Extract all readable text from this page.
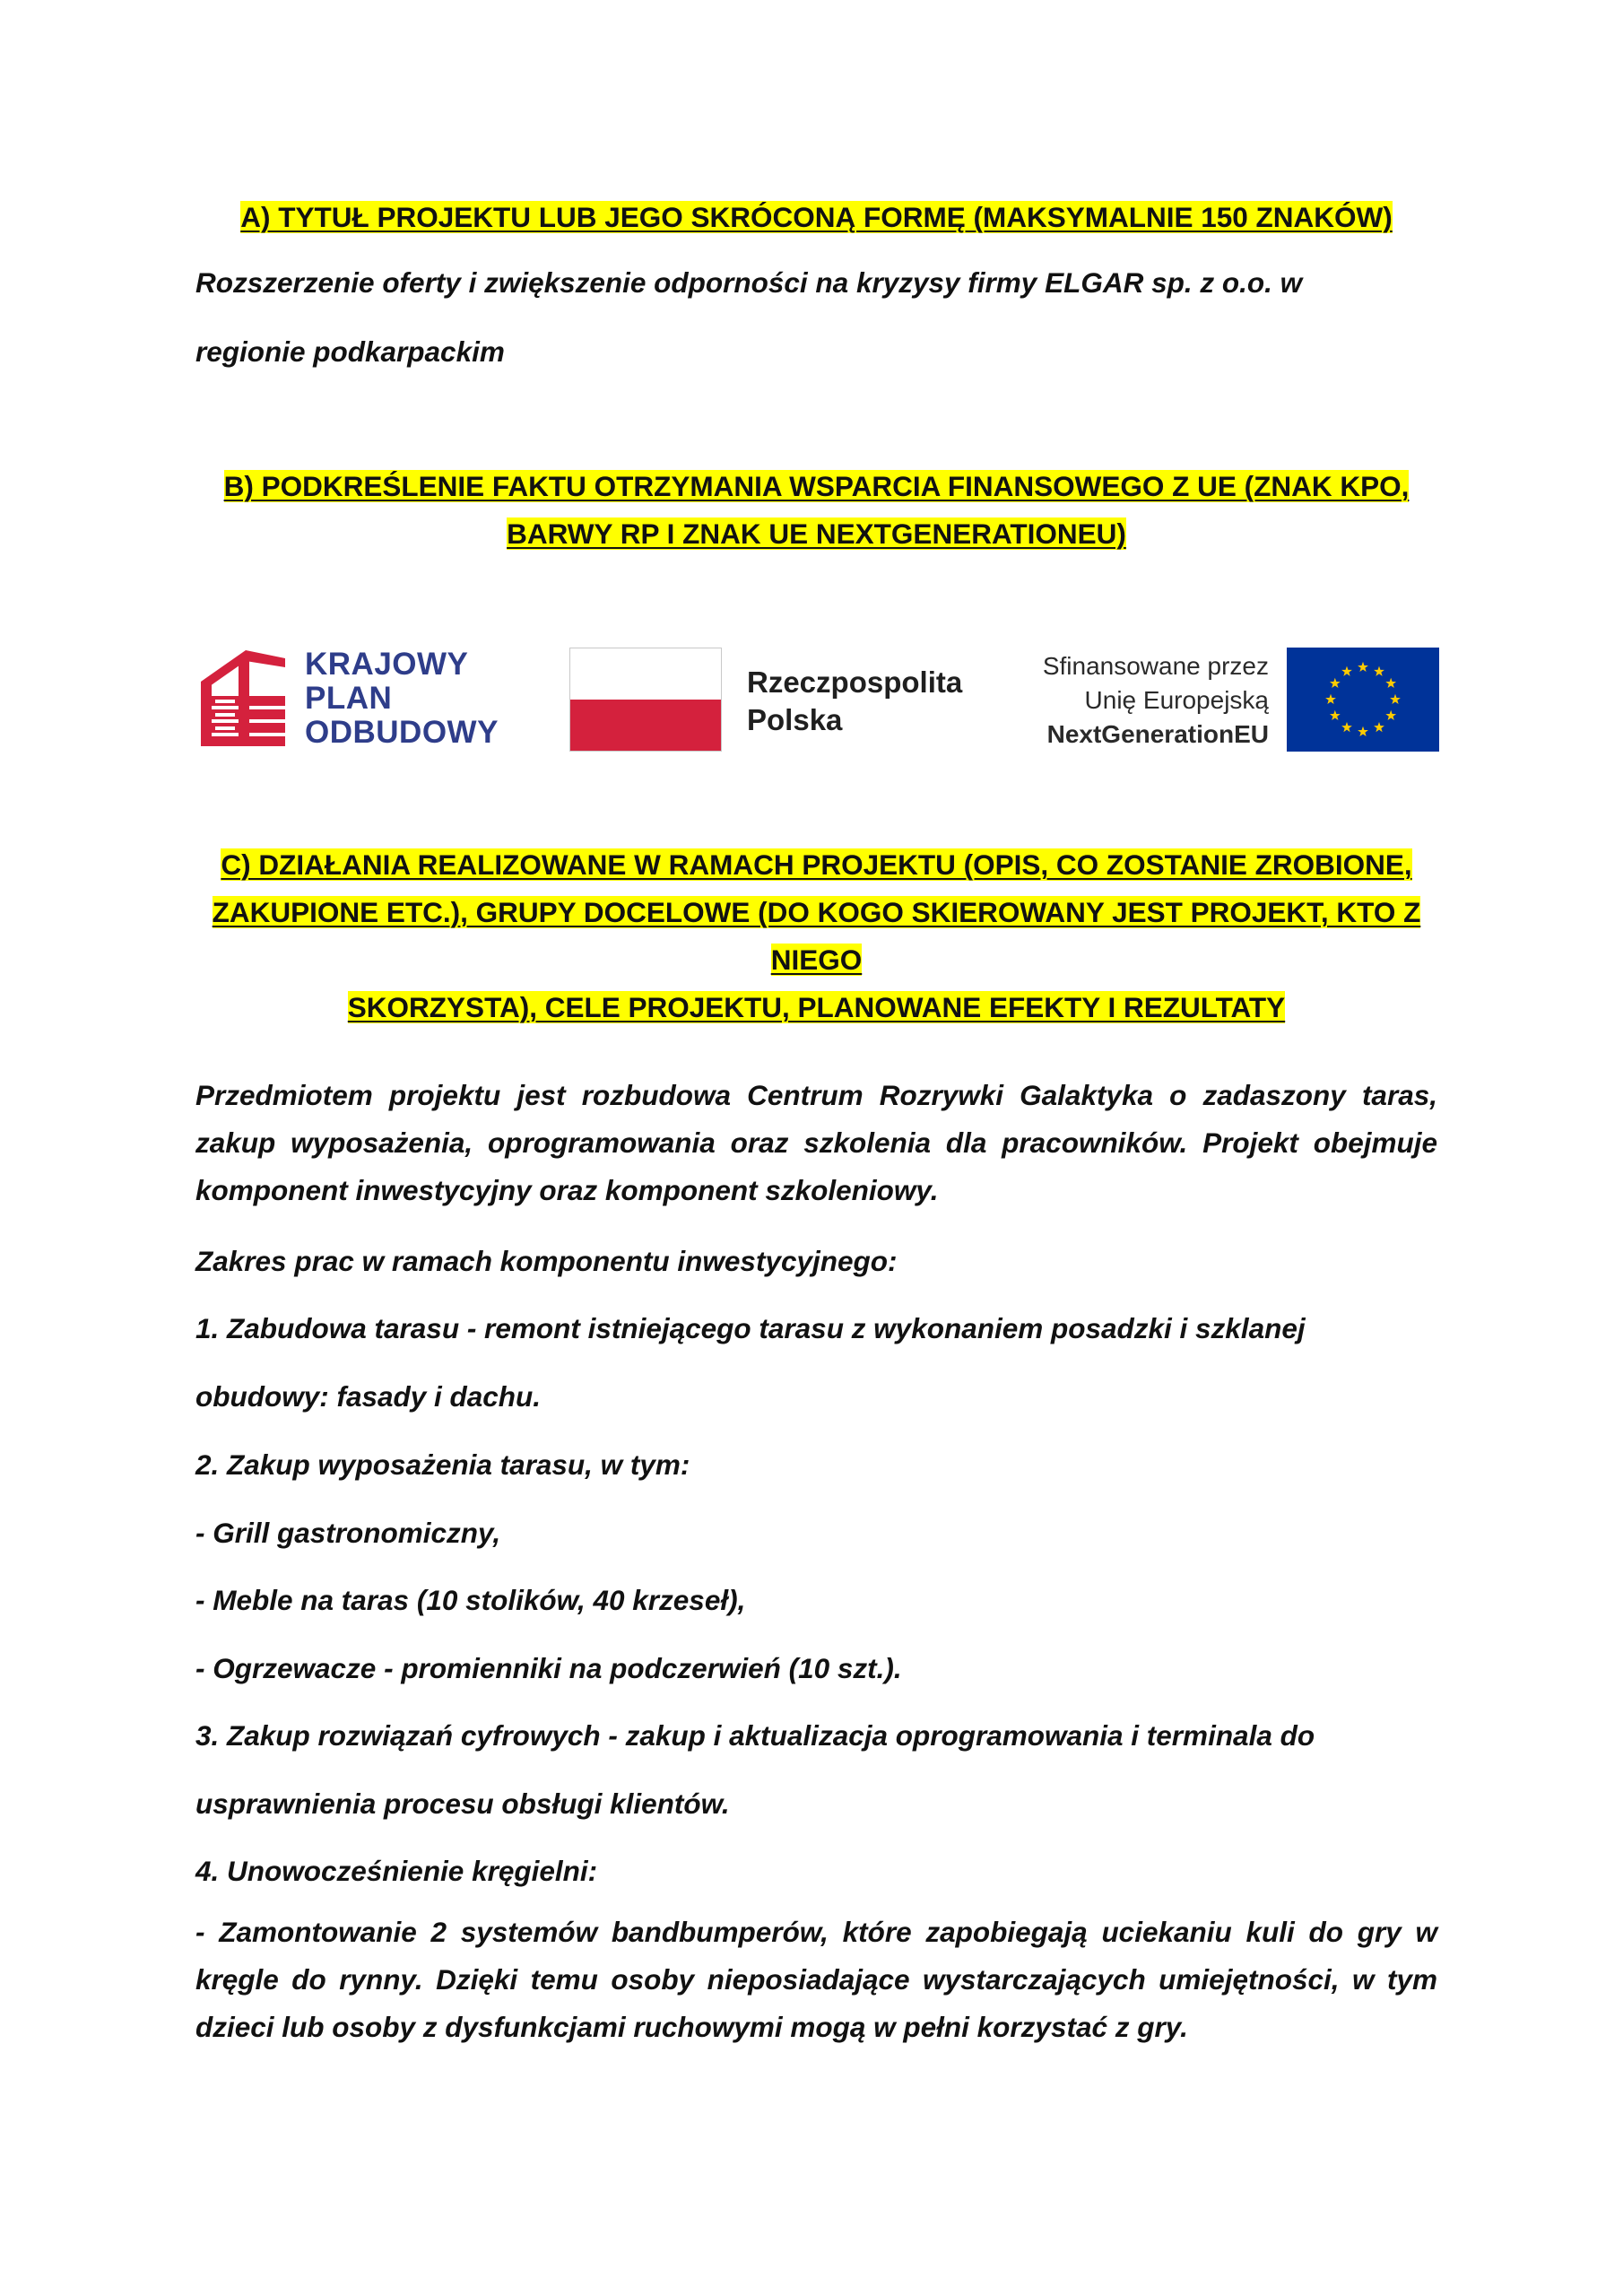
A) TYTUŁ PROJEKTU LUB JEGO SKRÓCONĄ FORMĘ (MAKSYMALNIE 150 ZNAKÓW)
Rozszerzenie oferty i zwiększenie odporności na kryzysy firmy ELGAR sp. z o.o. w
regionie podkarpackim
B) PODKREŚLENIE FAKTU OTRZYMANIA WSPARCIA FINANSOWEGO Z UE (ZNAK KPO,
BARWY RP I ZNAK UE NEXTGENERATIONEU)
KRAJOWY
PLAN
ODBUDOWY
Rzeczpospolita
Polska
Sfinansowane przez
Unię Europejską
NextGenerationEU
C) DZIAŁANIA REALIZOWANE W RAMACH PROJEKTU (OPIS, CO ZOSTANIE ZROBIONE,
ZAKUPIONE ETC.), GRUPY DOCELOWE (DO KOGO SKIEROWANY JEST PROJEKT, KTO Z NIEGO
SKORZYSTA), CELE PROJEKTU, PLANOWANE EFEKTY I REZULTATY
Przedmiotem projektu jest rozbudowa Centrum Rozrywki Galaktyka o zadaszony taras, zakup wyposażenia, oprogramowania oraz szkolenia dla pracowników. Projekt obejmuje komponent inwestycyjny oraz komponent szkoleniowy.
Zakres prac w ramach komponentu inwestycyjnego:
1. Zabudowa tarasu - remont istniejącego tarasu z wykonaniem posadzki i szklanej
obudowy: fasady i dachu.
2. Zakup wyposażenia tarasu, w tym:
- Grill gastronomiczny,
- Meble na taras (10 stolików, 40 krzeseł),
- Ogrzewacze - promienniki na podczerwień (10 szt.).
3. Zakup rozwiązań cyfrowych - zakup i aktualizacja oprogramowania i terminala do
usprawnienia procesu obsługi klientów.
4. Unowocześnienie kręgielni:
- Zamontowanie 2 systemów bandbumperów, które zapobiegają uciekaniu kuli do gry w kręgle do rynny. Dzięki temu osoby nieposiadające wystarczających umiejętności, w tym dzieci lub osoby z dysfunkcjami ruchowymi mogą w pełni korzystać z gry.
